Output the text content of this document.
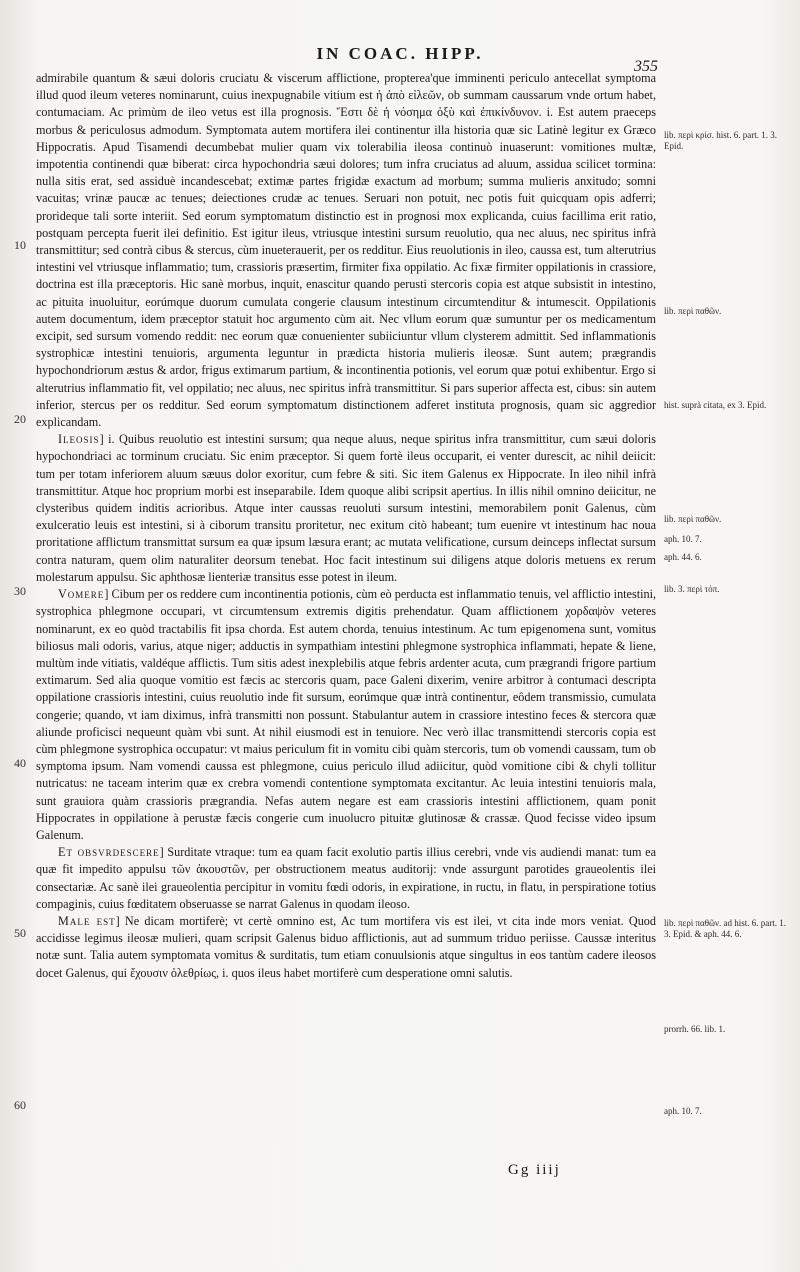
IN COAC. HIPP.
355

admirabile quantum & sæui doloris cruciatu & viscerum afflictione, propterea'que imminenti periculo antecellat symptoma illud quod ileum veteres nominarunt, cuius inexpugnabile vitium est ἡ ἀπὸ εἰλεῶν, ob summam caussarum vnde ortum habet, contumaciam. Ac primùm de ileo vetus est illa prognosis. Ἔστι δὲ ἡ νόσημα ὀξὺ καὶ ἐπικίνδυνον. i. Est autem praeceps morbus & periculosus admodum. Symptomata autem mortifera ilei continentur illa historia quæ sic Latinè legitur ex Græco Hippocratis. Apud Tisamendi decumbebat mulier quam vix tolerabilia ileosa continuò inuaserunt: vomitiones multæ, impotentia continendi quæ biberat: circa hypochondria sæui dolores; tum infra cruciatus ad aluum, assidua scilicet tormina: nulla sitis erat, sed assiduè incandescebat; extimæ partes frigidæ exactum ad morbum; summa mulieris anxitudo; somni vacuitas; vrinæ paucæ ac tenues; deiectiones crudæ ac tenues. Seruari non potuit, nec potis fuit quicquam opis adferri; prorideque tali sorte interiit. Sed eorum symptomatum distinctio est in prognosi mox explicanda, cuius facillima erit ratio, postquam percepta fuerit ilei definitio. Est igitur ileus, vtriusque intestini sursum reuolutio, qua nec aluus, nec spiritus infrà transmittitur; sed contrà cibus & stercus, cùm inueterauerit, per os redditur. Eius reuolutionis in ileo, caussa est, tum alterutrius intestini vel vtriusque inflammatio; tum, crassioris præsertim, firmiter fixa oppilatio. Ac fixæ firmiter oppilationis in crassiore, doctrina est illa præceptoris. Hic sanè morbus, inquit, enascitur quando perusti stercoris copia est atque subsistit in intestino, ac pituita inuoluitur, eorúmque duorum cumulata congerie clausum intestinum circumtenditur & intumescit. Oppilationis autem documentum, idem præceptor statuit hoc argumento cùm ait. Nec vllum eorum quæ sumuntur per os medicamentum excipit, sed sursum vomendo reddit: nec eorum quæ conuenienter subiiciuntur vllum clysterem admittit. Sed inflammationis systrophicæ intestini tenuioris, argumenta leguntur in prædicta historia mulieris ileosæ. Sunt autem; prægrandis hypochondriorum æstus & ardor, frigus extimarum partium, & incontinentia potionis, vel eorum quæ potui exhibentur. Ergo si alterutrius inflammatio fit, vel oppilatio; nec aluus, nec spiritus infrà transmittitur. Si pars superior affecta est, cibus: sin autem inferior, stercus per os redditur. Sed eorum symptomatum distinctionem adferet instituta prognosis, quam sic aggredior explicandam.

Ileosis] i. Quibus reuolutio est intestini sursum; qua neque aluus, neque spiritus infra transmittitur, cum sæui doloris hypochondriaci ac torminum cruciatu. Sic enim præceptor. Si quem fortè ileus occuparit, ei venter durescit, ac nihil deiicit: tum per totam inferiorem aluum sæuus dolor exoritur, cum febre & siti. Sic item Galenus ex Hippocrate. In ileo nihil infrà transmittitur. Atque hoc proprium morbi est inseparabile. Idem quoque alibi scripsit apertius. In illis nihil omnino deiicitur, ne clysteribus quidem inditis acrioribus. Atque inter caussas reuoluti sursum intestini, memorabilem ponit Galenus, cùm exulceratio leuis est intestini, si à ciborum transitu proritetur, nec exitum citò habeant; tum euenire vt intestinum hac noua proritatione afflictum transmittat sursum ea quæ ipsum læsura erant; ac mutata velificatione, cursum deinceps inflectat sursum contra naturam, quem olim naturaliter deorsum tenebat. Hoc facit intestinum sui diligens atque doloris metuens ex rerum molestarum appulsu. Sic aphthosæ lienteriæ transitus esse potest in ileum.

Vomere] Cibum per os reddere cum incontinentia potionis, cùm eò perducta est inflammatio tenuis, vel afflictio intestini, systrophica phlegmone occupari, vt circumtensum extremis digitis prehendatur. Quam afflictionem χορδαψὸν veteres nominarunt, ex eo quòd tractabilis fit ipsa chorda. Est autem chorda, tenuius intestinum. Ac tum epigenomena sunt, vomitus biliosus mali odoris, varius, atque niger; adductis in sympathiam intestini phlegmone systrophica inflammati, hepate & liene, multùm inde vitiatis, valdéque afflictis. Tum sitis adest inexplebilis atque febris ardenter acuta, cum prægrandi frigore partium extimarum. Sed alia quoque vomitio est fæcis ac stercoris quam, pace Galeni dixerim, venire arbitror à contumaci descripta oppilatione crassioris intestini, cuius reuolutio inde fit sursum, eorúmque quæ intrà continentur, eôdem transmissio, cumulata congerie; quando, vt iam diximus, infrà transmitti non possunt. Stabulantur autem in crassiore intestino feces & stercora quæ aliunde proficisci nequeunt quàm vbi sunt. At nihil eiusmodi est in tenuiore. Nec verò illac transmittendi stercoris copia est cùm phlegmone systrophica occupatur: vt maius periculum fit in vomitu cibi quàm stercoris, tum ob vomendi caussam, tum ob symptoma ipsum. Nam vomendi caussa est phlegmone, cuius periculo illud adiicitur, quòd vomitione cibi & chyli tollitur nutricatus: ne taceam interim quæ ex crebra vomendi contentione symptomata excitantur. Ac leuia intestini tenuioris mala, sunt grauiora quàm crassioris prægrandia. Nefas autem negare est eam crassioris intestini afflictionem, quam ponit Hippocrates in oppilatione à perustæ fæcis congerie cum inuolucro pituitæ glutinosæ & crassæ. Quod fecisse video ipsum Galenum.

Et obsvrdescere] Surditate vtraque: tum ea quam facit exolutio partis illius cerebri, vnde vis audiendi manat: tum ea quæ fit impedito appulsu τῶν ἀκουστῶν, per obstructionem meatus auditorij: vnde assurgunt parotides graueolentis ilei consectariæ. Ac sanè ilei graueolentia percipitur in vomitu fœdi odoris, in expiratione, in ructu, in flatu, in perspiratione totius compaginis, cuius fœditatem obseruasse se narrat Galenus in quodam ileoso.

Male est] Ne dicam mortiferè; vt certè omnino est, Ac tum mortifera vis est ilei, vt cita inde mors veniat. Quod accidisse legimus ileosæ mulieri, quam scripsit Galenus biduo afflictionis, aut ad summum triduo periisse. Caussæ interitus notæ sunt. Talia autem symptomata vomitus & surditatis, tum etiam conuulsionis atque singultus in eos tantùm cadere ileosos docet Galenus, qui ἔχουσιν ὀλεθρίως, i. quos ileus habet mortiferè cum desperatione omni salutis.

10
20
30
40
50
60
lib. περὶ κρίσ. hist. 6. part. 1. 3. Epid.
lib. περὶ παθῶν.
hist. suprà citata, ex 3. Epid.
lib. περὶ παθῶν.
aph. 10. 7.
aph. 44. 6.
lib. 3. περὶ τόπ.
lib. περὶ παθῶν. ad hist. 6. part. 1. 3. Epid. & aph. 44. 6.
prorrh. 66. lib. 1.
aph. 10. 7.
Gg iiij
